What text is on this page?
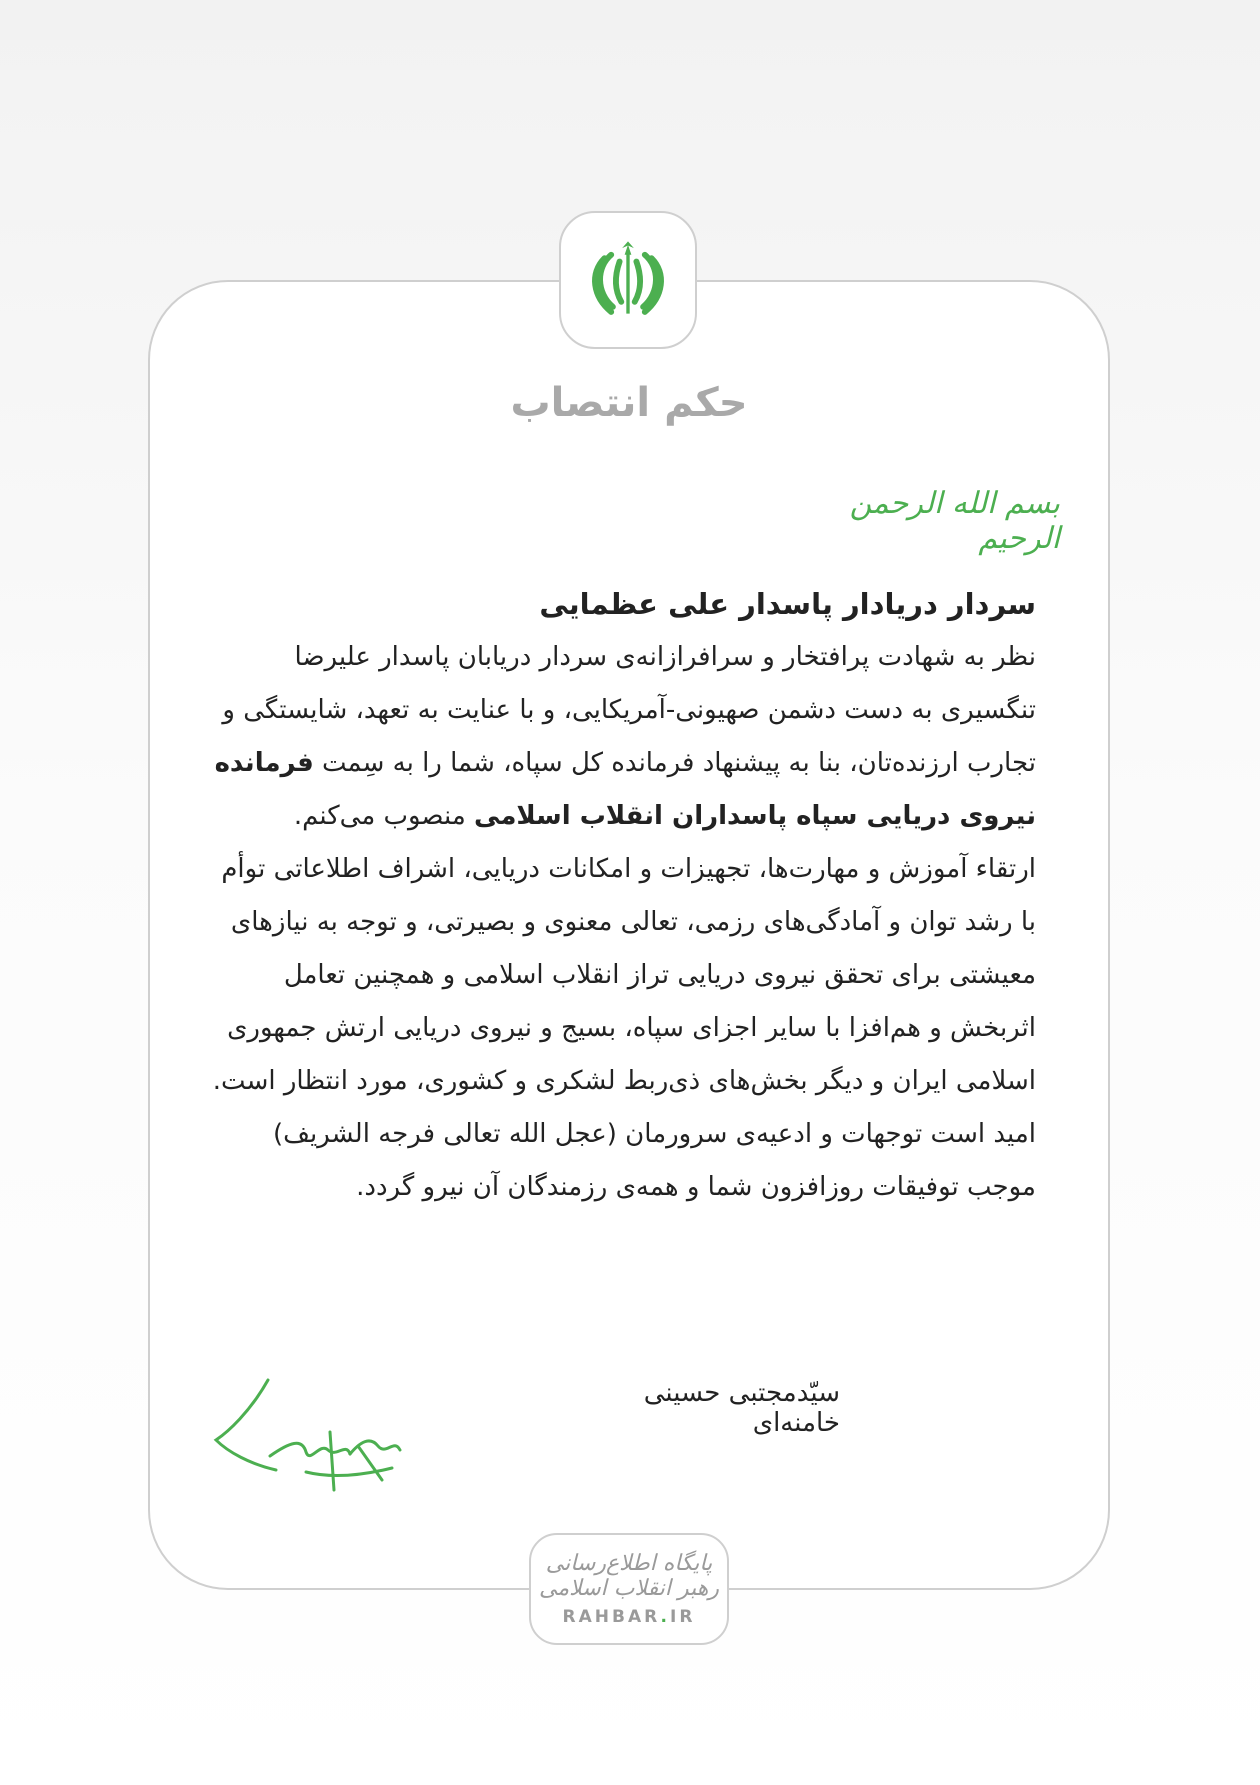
حکم انتصاب
بسم الله الرحمن الرحیم

سردار دریادار پاسدار علی عظمایی

نظر به شهادت پرافتخار و سرافرازانه‌ی سردار دریابان پاسدار علیرضا تنگسیری به دست دشمن صهیونی-آمریکایی، و با عنایت به تعهد، شایستگی و تجارب ارزنده‌تان، بنا به پیشنهاد فرمانده کل سپاه، شما را به سِمت فرمانده نیروی دریایی سپاه پاسداران انقلاب اسلامی منصوب می‌کنم.

ارتقاء آموزش و مهارت‌ها، تجهیزات و امکانات دریایی، اشراف اطلاعاتی توأم با رشد توان و آمادگی‌های رزمی، تعالی معنوی و بصیرتی، و توجه به نیازهای معیشتی برای تحقق نیروی دریایی تراز انقلاب اسلامی و همچنین تعامل اثربخش و هم‌افزا با سایر اجزای سپاه، بسیج و نیروی دریایی ارتش جمهوری اسلامی ایران و دیگر بخش‌های ذی‌ربط لشکری و کشوری، مورد انتظار است.

امید است توجهات و ادعیه‌ی سرورمان (عجل الله تعالی فرجه الشریف) موجب توفیقات روزافزون شما و همه‌ی رزمندگان آن نیرو گردد.

سیّدمجتبی حسینی خامنه‌ای
پایگاه اطلاع‌رسانی رهبر انقلاب اسلامی
RAHBAR.IR
